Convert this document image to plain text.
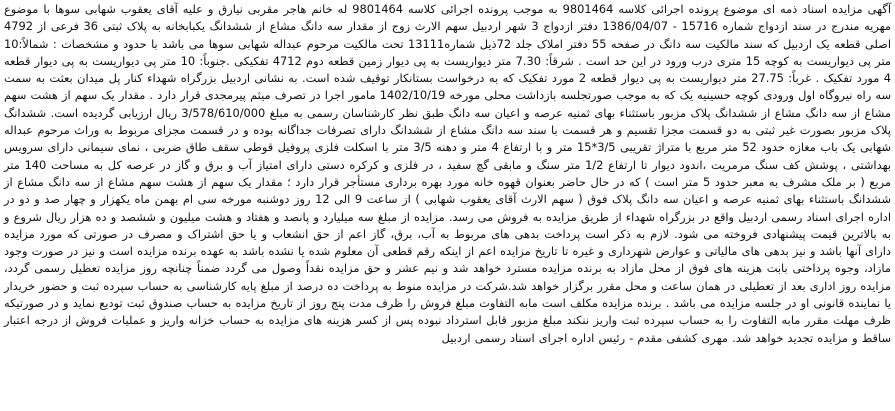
آگهی مزایده اسناد ذمه ای موضوع پرونده اجرائی کلاسه 9801464 به موجب پرونده اجرائی کلاسه 9801464 له خانم هاجر مقربی نیارق و علیه آقای یعقوب شهابی سوها با موضوع مهریه مندرج در سند ازدواج شماره 15716 - 1386/04/07 دفتر ازدواج 3 شهر اردبیل سهم الارث زوج از مقدار سه دانگ مشاع از ششدانگ یکبابخانه به پلاک ثبتی 36 فرعی از 4792 اصلی قطعه یک اردبیل که سند مالکیت سه دانگ در صفحه 55 دفتر املاک جلد 72ذیل شماره13111 تحت مالکیت مرحوم عبداله شهابی سوها می باشد با حدود و مشخصات : شمالاً:10 متر پی دیواریست به کوچه 15 متری درب ورود در این حد است . شرقاً: 7.30 متر دیواریست به پی دیوار زمین قطعه دوم 4712 تفکیکی .جنوباً: 10 متر پی دیواریست به پی دیوار قطعه 4 مورد تفکیک . غرباً: 27.75 متر دیواریست به پی دیوار قطعه 2 مورد تفکیک که به درخواست بستانکار توقیف شده است. به نشانی اردبیل بزرگراه شهداء کنار پل میدان بعثت به سمت سه راه نیروگاه اول ورودی کوچه حسینیه یک که به موجب صورتجلسه بازداشت محلی مورخه 1402/10/19 مامور اجرا در تصرف میثم پیرمجدی قرار دارد . مقدار یک سهم از هشت سهم مشاع از سه دانگ مشاع از ششدانگ پلاک مزبور باستثناء بهای ثمنیه عرصه و اعیان سه دانگ طبق نظر کارشناسان رسمی به مبلغ 3/578/610/000 ریال ارزیابی گردیده است. ششدانگ پلاک مزبور بصورت غیر ثبتی به دو قسمت مجزا تقسیم و هر قسمت با سند سه دانگ مشاع از ششدانگ دارای تصرفات جداگانه بوده و در قسمت مجزای مربوط به وراث مرحوم عبداله شهابی یک باب مغازه حدود 52 متر مربع با متراژ تقریبی 3/5*15 متر و با ارتفاع 4 متر و دهنه 3/5 متر با اسکلت فلزی پروفیل قوطی سقف طاق ضربی ، نمای سیمانی دارای سرویس بهداشتی ، پوشش کف سنگ مرمریت ،اندود دیوار تا ارتفاع 1/2 متر سنگ و مابقی گچ سفید ، در فلزی و کرکره دستی دارای امتیاز آب و برق و گاز در عرصه کل به مساحت 140 متر مربع ( بر ملک مشرف به معبر حدود 5 متر است ) که در حال حاضر بعنوان قهوه خانه مورد بهره برداری مستأجر قرار دارد ؛ مقدار یک سهم از هشت سهم مشاع از سه دانگ مشاع از ششدانگ باستثناء بهای ثمنیه عرصه و اعیان سه دانگ پلاک فوق ( سهم الارث آقای یعقوب شهابی ) از ساعت 9 الی 12 روز دوشنبه مورخه سی ام بهمن ماه یکهزار و چهار صد و دو در اداره اجرای اسناد رسمی اردبیل واقع در بزرگراه شهداء از طریق مزایده به فروش می رسد. مزایده از مبلغ سه میلیارد و پانصد و هفتاد و هشت میلیون و ششصد و ده هزار ریال شروع و به بالاترین قیمت پیشنهادی فروخته می شود. لازم به ذکر است پرداخت بدهی های مربوط به آب، برق، گاز اعم از حق انشعاب و یا حق اشتراک و مصرف در صورتی که مورد مزایده دارای آنها باشد و نیز بدهی های مالیاتی و عوارض شهرداری و غیره تا تاریخ مزایده اعم از اینکه رقم قطعی آن معلوم شده یا نشده باشد به عهده برنده مزایده است و نیز در صورت وجود مازاد، وجوه پرداختی بابت هزینه های فوق از محل مازاد به برنده مزایده مسترد خواهد شد و نیم عشر و حق مزایده نقداً وصول می گردد ضمناً چنانچه روز مزایده تعطیل رسمی گردد، مزایده روز اداری بعد از تعطیلی در همان ساعت و محل مقرر برگزار خواهد شد.شرکت در مزایده منوط به پرداخت ده درصد از مبلغ پایه کارشناسی به حساب سپرده ثبت و حضور خریدار یا نماینده قانونی او در جلسه مزایده می باشد . برنده مزایده مکلف است مابه التفاوت مبلغ فروش را ظرف مدت پنج روز از تاریخ مزایده به حساب صندوق ثبت تودیع نماید و در صورتیکه ظرف مهلت مقرر مابه التفاوت را به حساب سپرده ثبت واریز ننکند مبلغ مزبور قابل استرداد نبوده پس از کسر هزینه های مزایده به حساب خزانه واریز و عملیات فروش از درجه اعتبار ساقط و مزایده تجدید خواهد شد. مهری کشفی مقدم - رئیس اداره اجرای اسناد رسمی اردبیل
